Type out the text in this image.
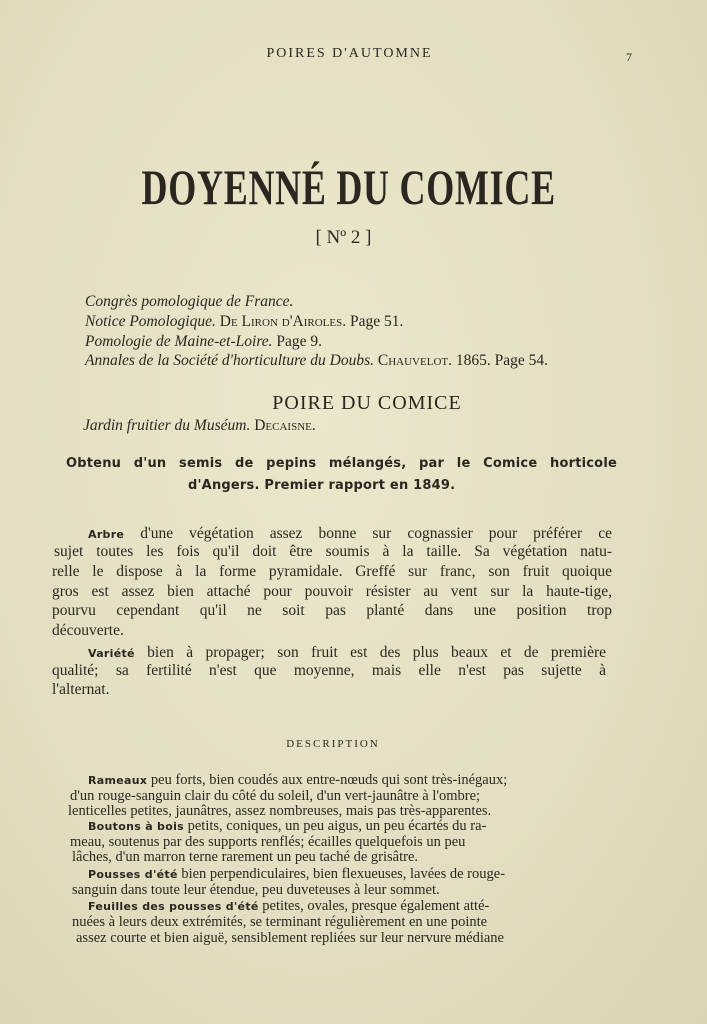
POIRES D'AUTOMNE	7
DOYENNÉ DU COMICE
[ Nº 2 ]
POIRE DU COMICE
Obtenu d'un semis de pepins mélangés, par le Comice horticole
d'Angers. Premier rapport en 1849.
DESCRIPTION
Congrès pomologique de France.
Notice Pomologique. De Liron d'Airoles. Page 51.
Pomologie de Maine-et-Loire. Page 9.
Annales de la Société d'horticulture du Doubs. Chauvelot. 1865. Page 54.
Jardin fruitier du Muséum. Decaisne.
Arbre d'une végétation assez bonne sur cognassier pour préférer ce
sujet toutes les fois qu'il doit être soumis à la taille. Sa végétation natu-
relle le dispose à la forme pyramidale. Greffé sur franc, son fruit quoique
gros est assez bien attaché pour pouvoir résister au vent sur la haute-tige,
pourvu cependant qu'il ne soit pas planté dans une position trop
découverte.
Variété bien à propager; son fruit est des plus beaux et de première
qualité; sa fertilité n'est que moyenne, mais elle n'est pas sujette à
l'alternat.
Rameaux peu forts, bien coudés aux entre-nœuds qui sont très-inégaux;
d'un rouge-sanguin clair du côté du soleil, d'un vert-jaunâtre à l'ombre;
lenticelles petites, jaunâtres, assez nombreuses, mais pas très-apparentes.
Boutons à bois petits, coniques, un peu aigus, un peu écartés du ra-
meau, soutenus par des supports renflés; écailles quelquefois un peu
lâches, d'un marron terne rarement un peu taché de grisâtre.
Pousses d'été bien perpendiculaires, bien flexueuses, lavées de rouge-
sanguin dans toute leur étendue, peu duveteuses à leur sommet.
Feuilles des pousses d'été petites, ovales, presque également atté-
nuées à leurs deux extrémités, se terminant régulièrement en une pointe
assez courte et bien aiguë, sensiblement repliées sur leur nervure médiane
